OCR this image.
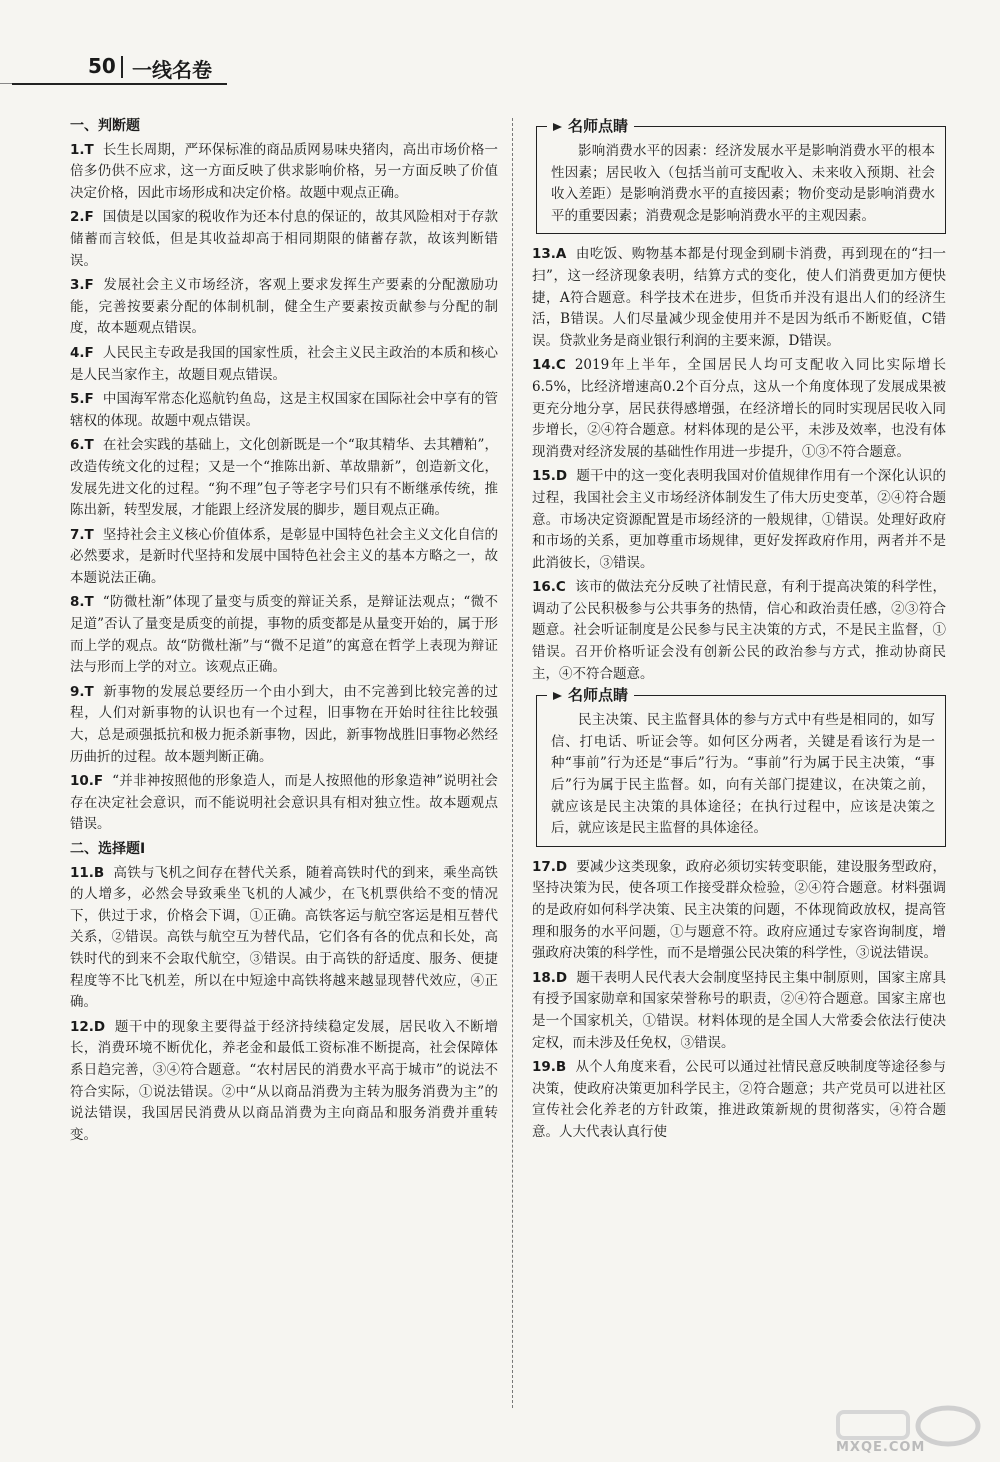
50 一线名卷
一、判断题
1.T 长生长周期，严环保标准的商品质网易味央猪肉，高出市场价格一倍多仍供不应求，这一方面反映了供求影响价格，另一方面反映了价值决定价格，因此市场形成和决定价格。故题中观点正确。
2.F 国债是以国家的税收作为还本付息的保证的，故其风险相对于存款储蓄而言较低，但是其收益却高于相同期限的储蓄存款，故该判断错误。
3.F 发展社会主义市场经济，客观上要求发挥生产要素的分配激励功能，完善按要素分配的体制机制，健全生产要素按贡献参与分配的制度，故本题观点错误。
4.F 人民民主专政是我国的国家性质，社会主义民主政治的本质和核心是人民当家作主，故题目观点错误。
5.F 中国海军常态化巡航钓鱼岛，这是主权国家在国际社会中享有的管辖权的体现。故题中观点错误。
6.T 在社会实践的基础上，文化创新既是一个“取其精华、去其糟粕”，改造传统文化的过程；又是一个“推陈出新、革故鼎新”，创造新文化，发展先进文化的过程。“狗不理”包子等老字号们只有不断继承传统，推陈出新，转型发展，才能跟上经济发展的脚步，题目观点正确。
7.T 坚持社会主义核心价值体系，是彰显中国特色社会主义文化自信的必然要求，是新时代坚持和发展中国特色社会主义的基本方略之一，故本题说法正确。
8.T “防微杜渐”体现了量变与质变的辩证关系，是辩证法观点；“微不足道”否认了量变是质变的前提，事物的质变都是从量变开始的，属于形而上学的观点。故“防微杜渐”与“微不足道”的寓意在哲学上表现为辩证法与形而上学的对立。该观点正确。
9.T 新事物的发展总要经历一个由小到大，由不完善到比较完善的过程，人们对新事物的认识也有一个过程，旧事物在开始时往往比较强大，总是顽强抵抗和极力扼杀新事物，因此，新事物战胜旧事物必然经历曲折的过程。故本题判断正确。
10.F “并非神按照他的形象造人，而是人按照他的形象造神”说明社会存在决定社会意识，而不能说明社会意识具有相对独立性。故本题观点错误。
二、选择题Ⅰ
11.B 高铁与飞机之间存在替代关系，随着高铁时代的到来，乘坐高铁的人增多，必然会导致乘坐飞机的人减少，在飞机票供给不变的情况下，供过于求，价格会下调，①正确。高铁客运与航空客运是相互替代关系，②错误。高铁与航空互为替代品，它们各有各的优点和长处，高铁时代的到来不会取代航空，③错误。由于高铁的舒适度、服务、便捷程度等不比飞机差，所以在中短途中高铁将越来越显现替代效应，④正确。
12.D 题干中的现象主要得益于经济持续稳定发展，居民收入不断增长，消费环境不断优化，养老金和最低工资标准不断提高，社会保障体系日趋完善，③④符合题意。“农村居民的消费水平高于城市”的说法不符合实际，①说法错误。②中“从以商品消费为主转为服务消费为主”的说法错误，我国居民消费从以商品消费为主向商品和服务消费并重转变。
名师点睛
影响消费水平的因素：经济发展水平是影响消费水平的根本性因素；居民收入（包括当前可支配收入、未来收入预期、社会收入差距）是影响消费水平的直接因素；物价变动是影响消费水平的重要因素；消费观念是影响消费水平的主观因素。
13.A 由吃饭、购物基本都是付现金到刷卡消费，再到现在的“扫一扫”，这一经济现象表明，结算方式的变化，使人们消费更加方便快捷，A符合题意。科学技术在进步，但货币并没有退出人们的经济生活，B错误。人们尽量减少现金使用并不是因为纸币不断贬值，C错误。贷款业务是商业银行利润的主要来源，D错误。
14.C 2019年上半年，全国居民人均可支配收入同比实际增长6.5%，比经济增速高0.2个百分点，这从一个角度体现了发展成果被更充分地分享，居民获得感增强，在经济增长的同时实现居民收入同步增长，②④符合题意。材料体现的是公平，未涉及效率，也没有体现消费对经济发展的基础性作用进一步提升，①③不符合题意。
15.D 题干中的这一变化表明我国对价值规律作用有一个深化认识的过程，我国社会主义市场经济体制发生了伟大历史变革，②④符合题意。市场决定资源配置是市场经济的一般规律，①错误。处理好政府和市场的关系，更加尊重市场规律，更好发挥政府作用，两者并不是此消彼长，③错误。
16.C 该市的做法充分反映了社情民意，有利于提高决策的科学性，调动了公民积极参与公共事务的热情，信心和政治责任感，②③符合题意。社会听证制度是公民参与民主决策的方式，不是民主监督，①错误。召开价格听证会没有创新公民的政治参与方式，推动协商民主，④不符合题意。
名师点睛
民主决策、民主监督具体的参与方式中有些是相同的，如写信、打电话、听证会等。如何区分两者，关键是看该行为是一种“事前”行为还是“事后”行为。“事前”行为属于民主决策，“事后”行为属于民主监督。如，向有关部门提建议，在决策之前，就应该是民主决策的具体途径；在执行过程中，应该是决策之后，就应该是民主监督的具体途径。
17.D 要减少这类现象，政府必须切实转变职能，建设服务型政府，坚持决策为民，使各项工作接受群众检验，②④符合题意。材料强调的是政府如何科学决策、民主决策的问题，不体现简政放权，提高管理和服务的水平问题，①与题意不符。政府应通过专家咨询制度，增强政府决策的科学性，而不是增强公民决策的科学性，③说法错误。
18.D 题干表明人民代表大会制度坚持民主集中制原则，国家主席具有授予国家勋章和国家荣誉称号的职责，②④符合题意。国家主席也是一个国家机关，①错误。材料体现的是全国人大常委会依法行使决定权，而未涉及任免权，③错误。
19.B 从个人角度来看，公民可以通过社情民意反映制度等途径参与决策，使政府决策更加科学民主，②符合题意；共产党员可以进社区宣传社会化养老的方针政策，推进政策新规的贯彻落实，④符合题意。人大代表认真行使
MXQE.COM
